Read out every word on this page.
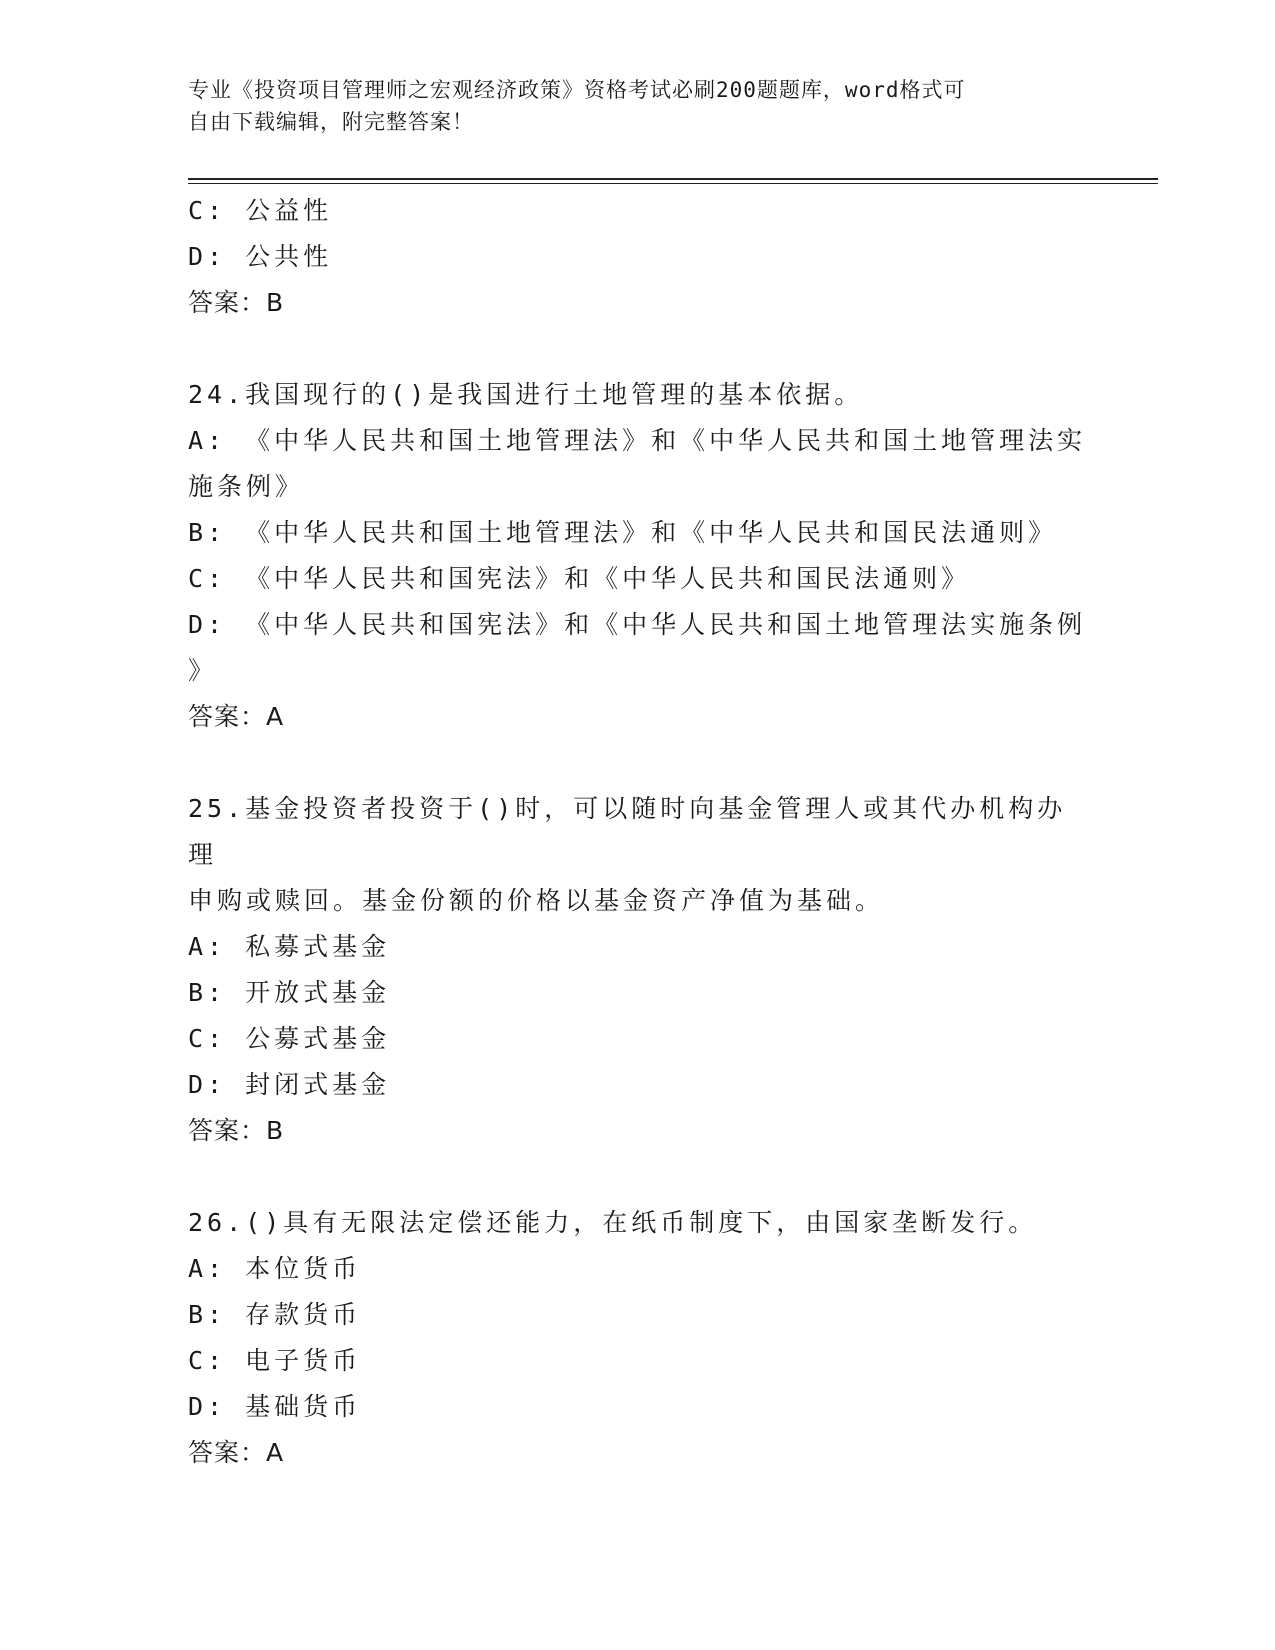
专业《投资项目管理师之宏观经济政策》资格考试必刷200题题库，word格式可
自由下载编辑，附完整答案！
C: 公益性
D: 公共性
答案：B
24.我国现行的()是我国进行土地管理的基本依据。
A: 《中华人民共和国土地管理法》和《中华人民共和国土地管理法实
施条例》
B: 《中华人民共和国土地管理法》和《中华人民共和国民法通则》
C: 《中华人民共和国宪法》和《中华人民共和国民法通则》
D: 《中华人民共和国宪法》和《中华人民共和国土地管理法实施条例
》
答案：A
25.基金投资者投资于()时，可以随时向基金管理人或其代办机构办理
申购或赎回。基金份额的价格以基金资产净值为基础。
A: 私募式基金
B: 开放式基金
C: 公募式基金
D: 封闭式基金
答案：B
26.()具有无限法定偿还能力，在纸币制度下，由国家垄断发行。
A: 本位货币
B: 存款货币
C: 电子货币
D: 基础货币
答案：A
